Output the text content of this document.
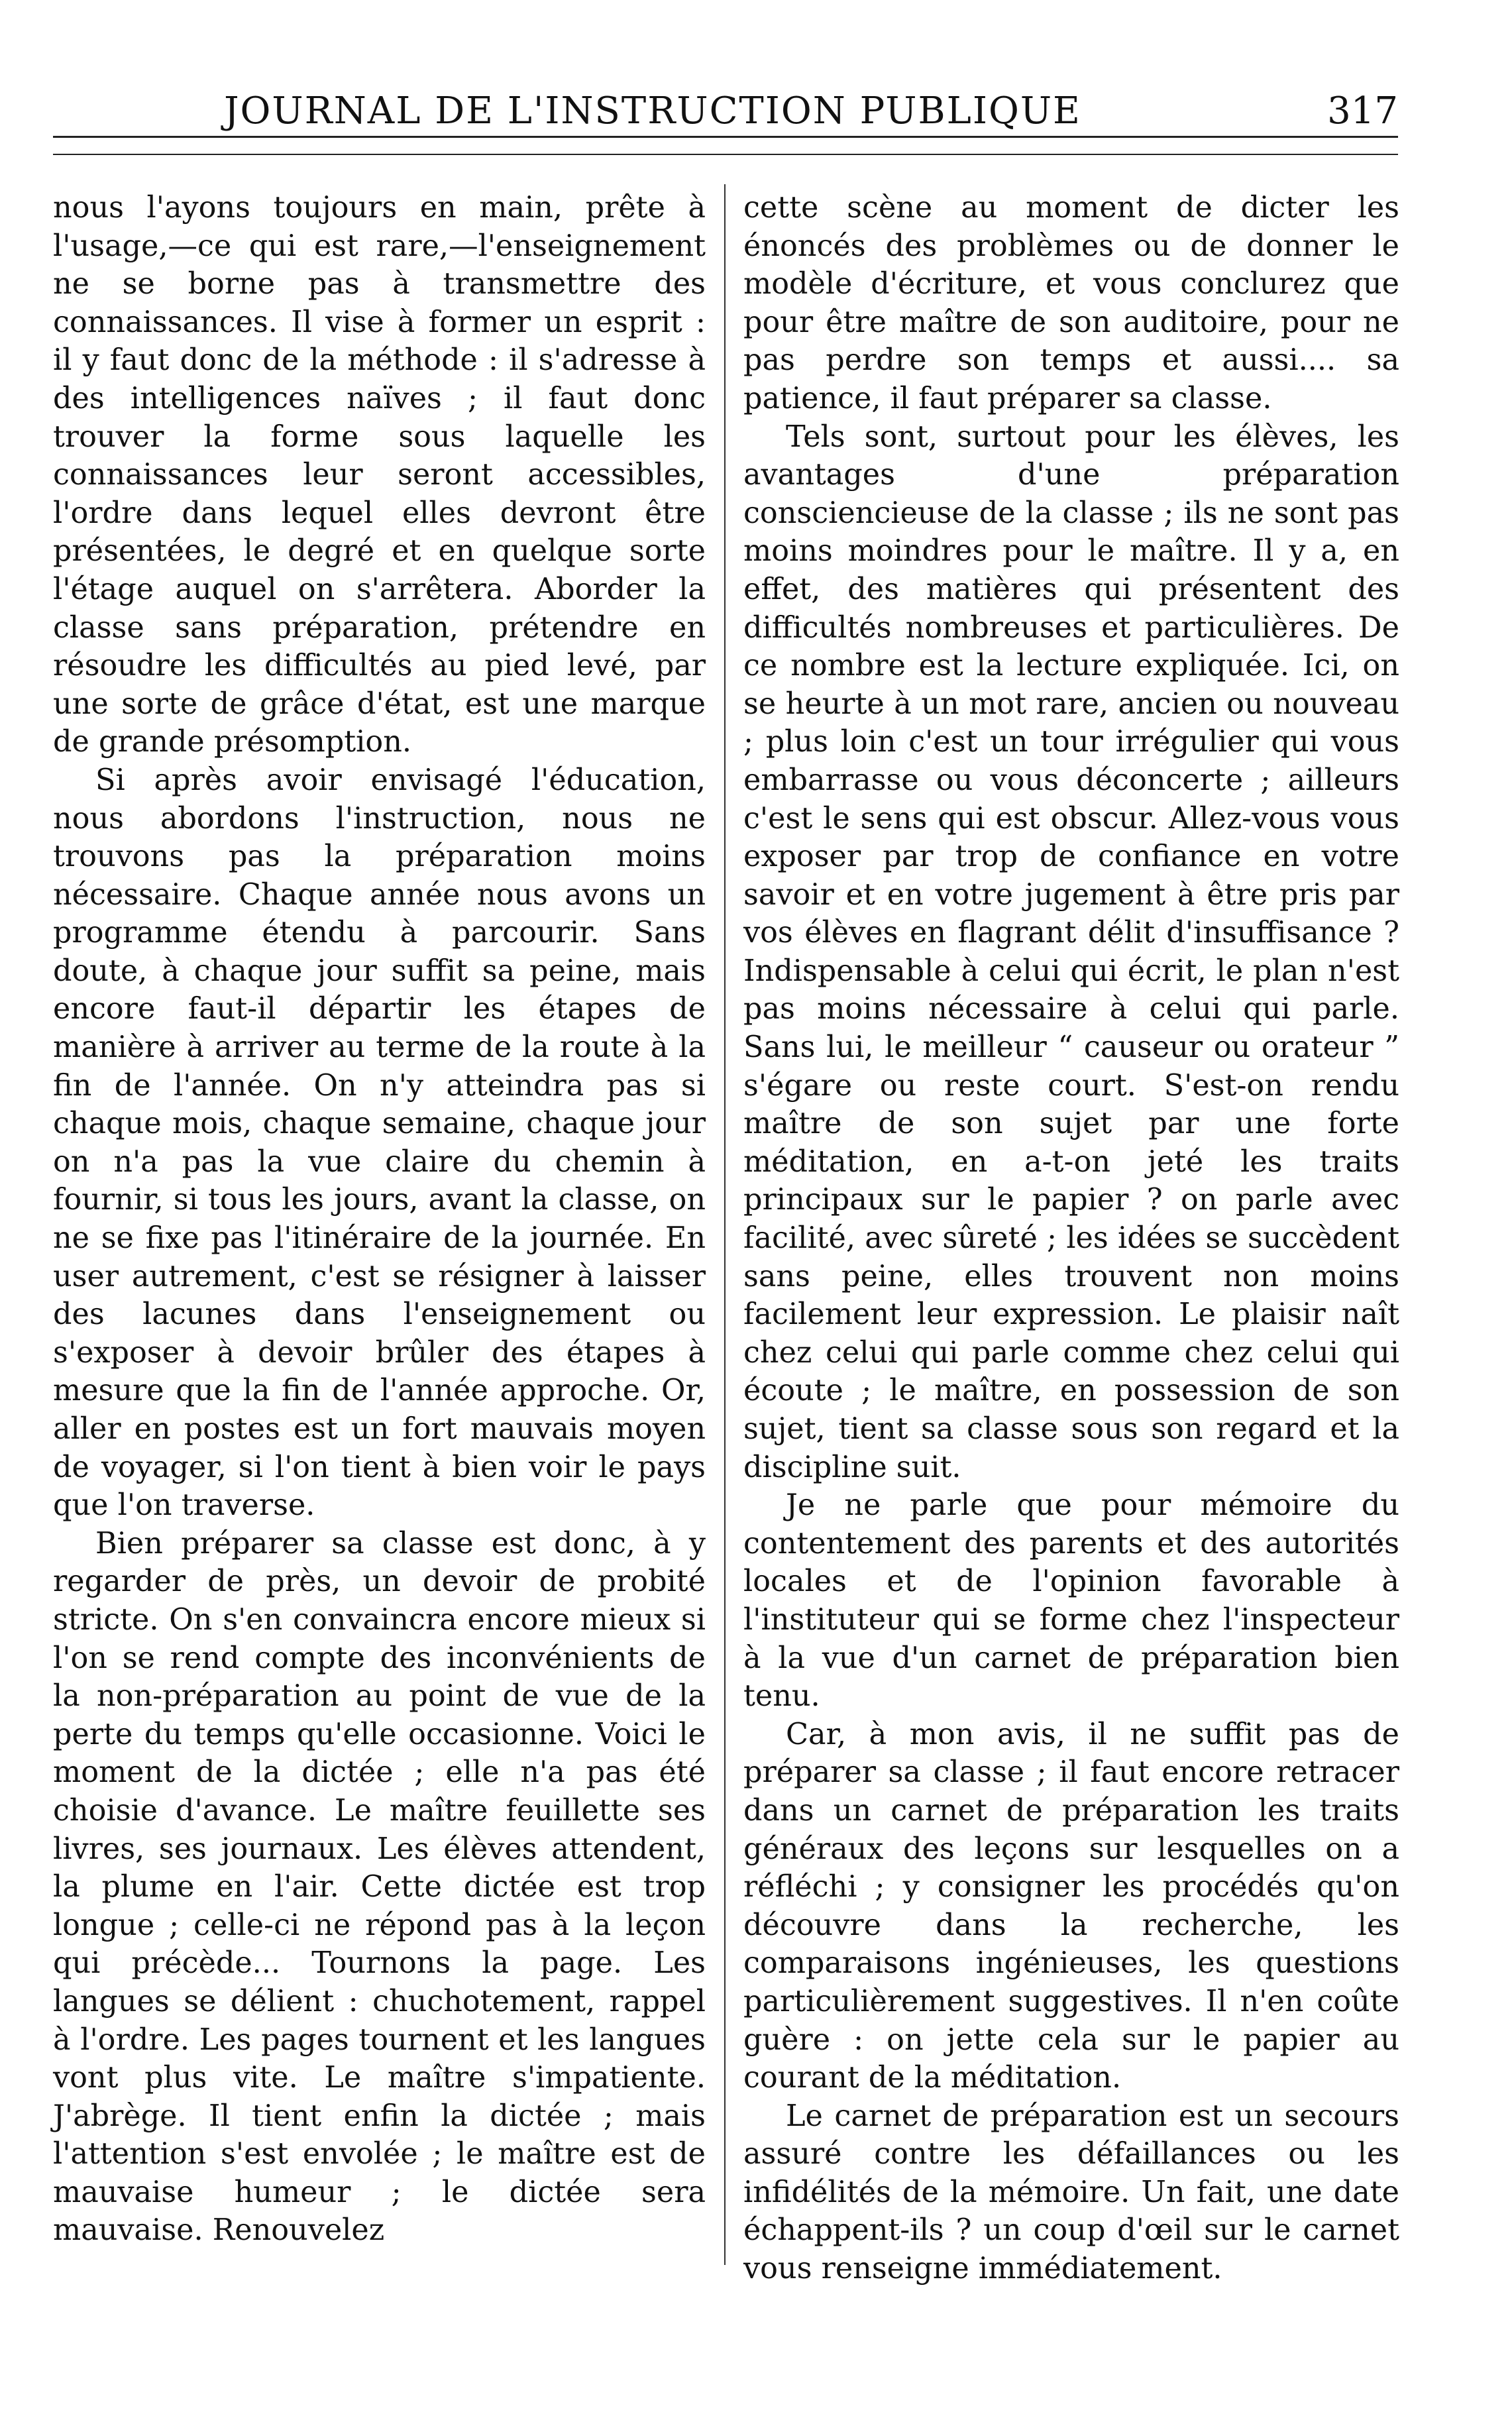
JOURNAL DE L'INSTRUCTION PUBLIQUE	317

nous l'ayons toujours en main, prête à l'usage,—ce qui est rare,—l'enseignement ne se borne pas à transmettre des connaissances. Il vise à former un esprit : il y faut donc de la méthode : il s'adresse à des intelligences naïves ; il faut donc trouver la forme sous laquelle les connaissances leur seront accessibles, l'ordre dans lequel elles devront être présentées, le degré et en quelque sorte l'étage auquel on s'arrêtera. Aborder la classe sans préparation, prétendre en résoudre les difficultés au pied levé, par une sorte de grâce d'état, est une marque de grande présomption.

Si après avoir envisagé l'éducation, nous abordons l'instruction, nous ne trouvons pas la préparation moins nécessaire. Chaque année nous avons un programme étendu à parcourir. Sans doute, à chaque jour suffit sa peine, mais encore faut-il départir les étapes de manière à arriver au terme de la route à la fin de l'année. On n'y atteindra pas si chaque mois, chaque semaine, chaque jour on n'a pas la vue claire du chemin à fournir, si tous les jours, avant la classe, on ne se fixe pas l'itinéraire de la journée. En user autrement, c'est se résigner à laisser des lacunes dans l'enseignement ou s'exposer à devoir brûler des étapes à mesure que la fin de l'année approche. Or, aller en postes est un fort mauvais moyen de voyager, si l'on tient à bien voir le pays que l'on traverse.

Bien préparer sa classe est donc, à y regarder de près, un devoir de probité stricte. On s'en convaincra encore mieux si l'on se rend compte des inconvénients de la non-préparation au point de vue de la perte du temps qu'elle occasionne. Voici le moment de la dictée ; elle n'a pas été choisie d'avance. Le maître feuillette ses livres, ses journaux. Les élèves attendent, la plume en l'air. Cette dictée est trop longue ; celle-ci ne répond pas à la leçon qui précède... Tournons la page. Les langues se délient : chuchotement, rappel à l'ordre. Les pages tournent et les langues vont plus vite. Le maître s'impatiente. J'abrège. Il tient enfin la dictée ; mais l'attention s'est envolée ; le maître est de mauvaise humeur ; le dictée sera mauvaise. Renouvelez

cette scène au moment de dicter les énoncés des problèmes ou de donner le modèle d'écriture, et vous conclurez que pour être maître de son auditoire, pour ne pas perdre son temps et aussi.... sa patience, il faut préparer sa classe.

Tels sont, surtout pour les élèves, les avantages d'une préparation consciencieuse de la classe ; ils ne sont pas moins moindres pour le maître. Il y a, en effet, des matières qui présentent des difficultés nombreuses et particulières. De ce nombre est la lecture expliquée. Ici, on se heurte à un mot rare, ancien ou nouveau ; plus loin c'est un tour irrégulier qui vous embarrasse ou vous déconcerte ; ailleurs c'est le sens qui est obscur. Allez-vous vous exposer par trop de confiance en votre savoir et en votre jugement à être pris par vos élèves en flagrant délit d'insuffisance ? Indispensable à celui qui écrit, le plan n'est pas moins nécessaire à celui qui parle. Sans lui, le meilleur “ causeur ou orateur ” s'égare ou reste court. S'est-on rendu maître de son sujet par une forte méditation, en a-t-on jeté les traits principaux sur le papier ? on parle avec facilité, avec sûreté ; les idées se succèdent sans peine, elles trouvent non moins facilement leur expression. Le plaisir naît chez celui qui parle comme chez celui qui écoute ; le maître, en possession de son sujet, tient sa classe sous son regard et la discipline suit.

Je ne parle que pour mémoire du contentement des parents et des autorités locales et de l'opinion favorable à l'instituteur qui se forme chez l'inspecteur à la vue d'un carnet de préparation bien tenu.

Car, à mon avis, il ne suffit pas de préparer sa classe ; il faut encore retracer dans un carnet de préparation les traits généraux des leçons sur lesquelles on a réfléchi ; y consigner les procédés qu'on découvre dans la recherche, les comparaisons ingénieuses, les questions particulièrement suggestives. Il n'en coûte guère : on jette cela sur le papier au courant de la méditation.

Le carnet de préparation est un secours assuré contre les défaillances ou les infidélités de la mémoire. Un fait, une date échappent-ils ? un coup d'œil sur le carnet vous renseigne immédiatement.
